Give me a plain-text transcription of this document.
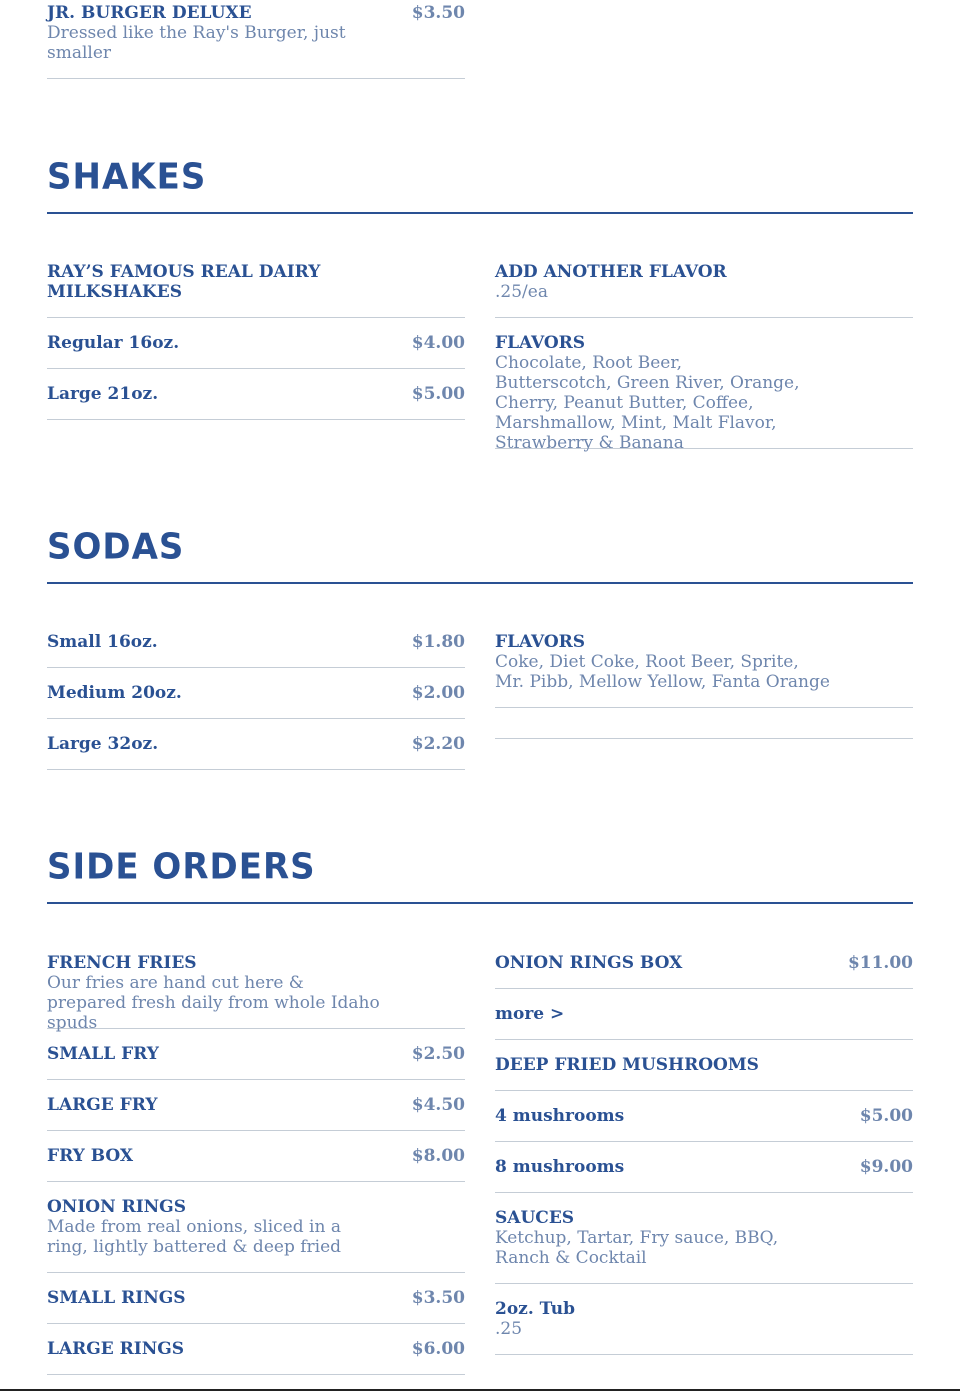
JR. BURGER DELUXE	$3.50
Dressed like the Ray's Burger, just smaller
SHAKES
RAY’S FAMOUS REAL DAIRY MILKSHAKES
Regular 16oz.	$4.00
Large 21oz.	$5.00
ADD ANOTHER FLAVOR
.25/ea
FLAVORS
Chocolate, Root Beer, Butterscotch, Green River, Orange, Cherry, Peanut Butter, Coffee, Marshmallow, Mint, Malt Flavor, Strawberry & Banana
SODAS
Small 16oz.	$1.80
Medium 20oz.	$2.00
Large 32oz.	$2.20
FLAVORS
Coke, Diet Coke, Root Beer, Sprite, Mr. Pibb, Mellow Yellow, Fanta Orange
SIDE ORDERS
FRENCH FRIES
Our fries are hand cut here & prepared fresh daily from whole Idaho spuds
SMALL FRY	$2.50
LARGE FRY	$4.50
FRY BOX	$8.00
ONION RINGS
Made from real onions, sliced in a ring, lightly battered & deep fried
SMALL RINGS	$3.50
LARGE RINGS	$6.00
ONION RINGS BOX	$11.00
more >
DEEP FRIED MUSHROOMS
4 mushrooms	$5.00
8 mushrooms	$9.00
SAUCES
Ketchup, Tartar, Fry sauce, BBQ, Ranch & Cocktail
2oz. Tub
.25
